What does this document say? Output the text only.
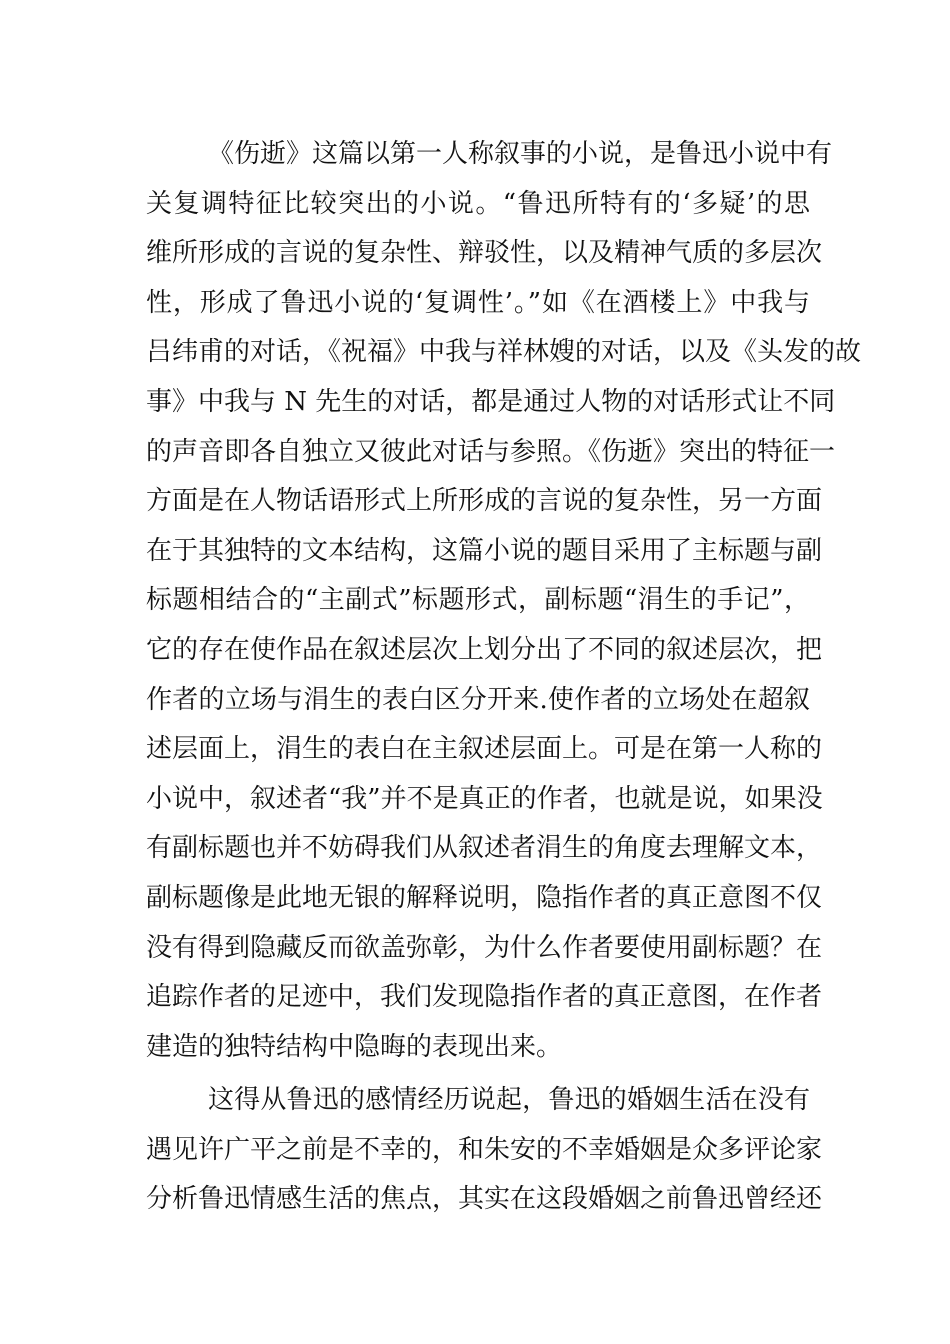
《伤逝》这篇以第一人称叙事的小说，是鲁迅小说中有
关复调特征比较突出的小说。“鲁迅所特有的‘多疑’的思
维所形成的言说的复杂性、辩驳性，以及精神气质的多层次
性，形成了鲁迅小说的‘复调性’。”如《在酒楼上》中我与
吕纬甫的对话，《祝福》中我与祥林嫂的对话，以及《头发的故
事》中我与 N 先生的对话，都是通过人物的对话形式让不同
的声音即各自独立又彼此对话与参照。《伤逝》突出的特征一
方面是在人物话语形式上所形成的言说的复杂性，另一方面
在于其独特的文本结构，这篇小说的题目采用了主标题与副
标题相结合的“主副式”标题形式，副标题“涓生的手记”，
它的存在使作品在叙述层次上划分出了不同的叙述层次，把
作者的立场与涓生的表白区分开来.使作者的立场处在超叙
述层面上，涓生的表白在主叙述层面上。可是在第一人称的
小说中，叙述者“我”并不是真正的作者，也就是说，如果没
有副标题也并不妨碍我们从叙述者涓生的角度去理解文本，
副标题像是此地无银的解释说明，隐指作者的真正意图不仅
没有得到隐藏反而欲盖弥彰，为什么作者要使用副标题？在
追踪作者的足迹中，我们发现隐指作者的真正意图，在作者
建造的独特结构中隐晦的表现出来。
这得从鲁迅的感情经历说起，鲁迅的婚姻生活在没有
遇见许广平之前是不幸的，和朱安的不幸婚姻是众多评论家
分析鲁迅情感生活的焦点，其实在这段婚姻之前鲁迅曾经还
